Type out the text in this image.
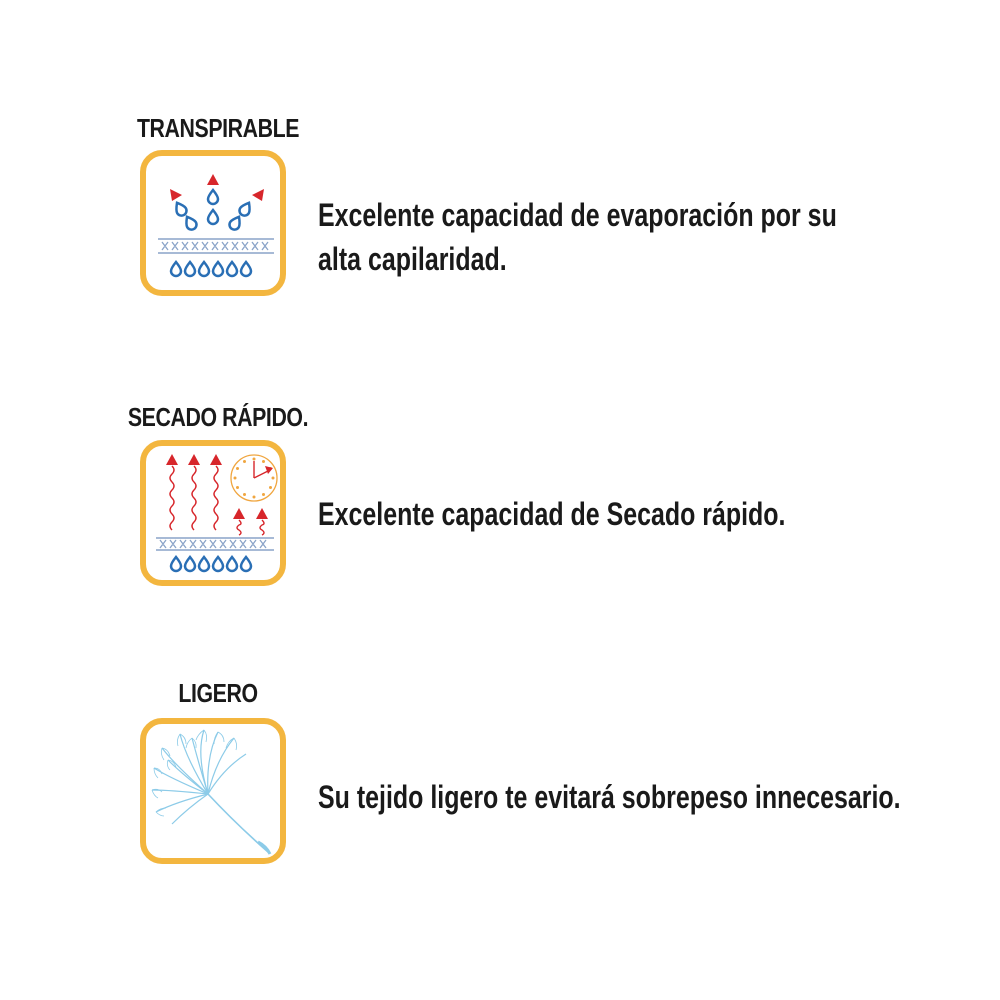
TRANSPIRABLE
Excelente capacidad de evaporación por su
alta capilaridad.
SECADO RÁPIDO.
Excelente capacidad de Secado rápido.
LIGERO
Su tejido ligero te evitará sobrepeso innecesario.
